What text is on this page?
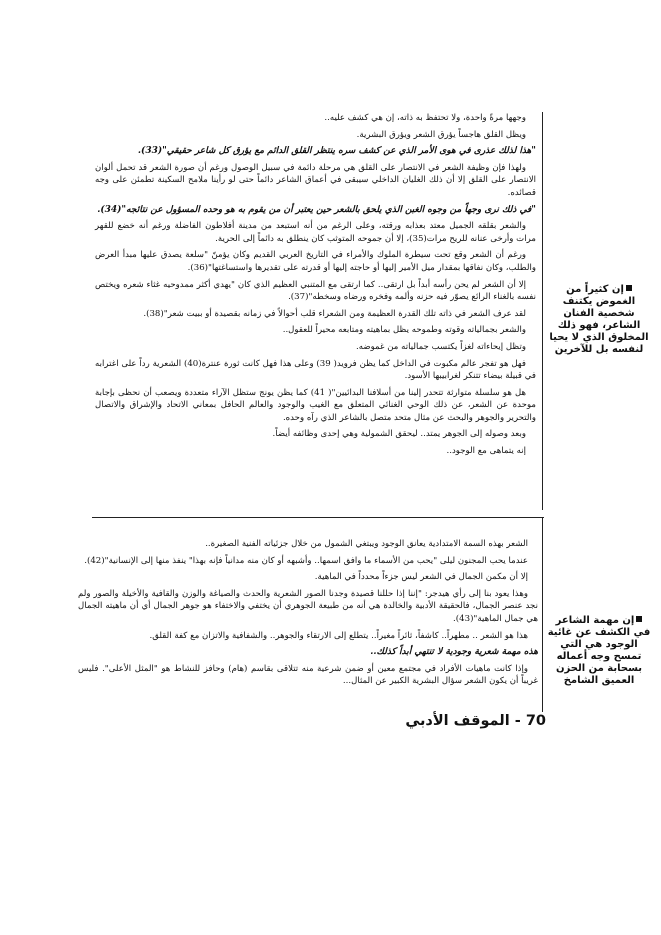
وجهها مرةً واحدة، ولا تحتفظ به ذاته، إن هي كشف عليه..

ويظل القلق هاجساً يؤرق الشعر ويؤرق البشرية.

"هذا لذلك عذرى في هوى الأمر الذي عن كشف سره ينتظر القلق الدائم مع يؤرق كل شاعر حقيقي"(33).

ولهذا فإن وظيفة الشعر في الانتصار على القلق هي مرحلة دائمة في سبيل الوصول ورغم أن صورة الشعر قد تحمل ألوان الانتصار على القلق إلا أن ذلك الغليان الداخلي سيبقى في أعماق الشاعر دائماً حتى لو رأينا ملامح السكينة تطمئن على وجه قصائده.

"في ذلك نرى وجهاً من وجوه الغبن الذي يلحق بالشعر حين يعتبر أن من يقوم به هو وحده المسؤول عن نتائجه"(34).

والشعر بقلقه الجميل معتد بعذابه ورقته، وعلى الرغم من أنه استبعد من مدينة أفلاطون الفاضلة ورغم أنه خضع للقهر مرات وأرخى عنانه للريح مرات(35)، إلا أن جموحه المتوثب كان ينطلق به دائماً إلى الحرية.

ورغم أن الشعر وقع تحت سيطرة الملوك والأمراء في التاريخ العربي القديم وكان يؤمنّ "سلعة يصدق عليها مبدأ العرض والطلب، وكان نفاقها بمقدار ميل الأمير إليها أو حاجته إليها أو قدرته على تقديرها واستساغتها"(36).

إلا أن الشعر لم يحن رأسه أبداً بل ارتقى.. كما ارتقى مع المتنبي العظيم الذي كان "يهدي أكثر ممدوحيه غثاء شعره ويختص نفسه بالغناء الرائع يصوّر فيه حزنه وألمه وفخره ورضاه وسخطه"(37).

لقد عرف الشعر في ذاته تلك القدرة العظيمة ومن الشعراء قلب أحوالاً في زمانه بقصيدة أو ببيت شعر"(38).

والشعر بجمالياته وقوته وطموحه يظل بماهيته ومتابعه محيراً للعقول..

وتظل إيحاءاته لغزاً يكتسب جمالياته من غموضه.

فهل هو تفجر عالم مكبوت في الداخل كما يظن فرويد( 39) وعلى هذا فهل كانت ثورة عنترة(40) الشعرية رداً على اغترابه في قبيلة بيضاء تتنكر لغرابيبها الأسود.

هل هو سلسلة متوارثة تتحدر إلينا من أسلافنا البدائيين"( 41) كما يظن يونج ستظل الآراء متعددة ويصعب أن نحظى بإجابة موحدة عن الشعر، عن ذلك الوحي الغنائي المتعلق مع الغيب والوجود والعالم الحافل بمعاني الاتحاد والإشراق والاتصال والتحرير والجوهر والبحث عن مثال متحد متصل بالشاعر الذي رآه وحده.

وبعد وصوله إلى الجوهر يمتد.. ليحقق الشمولية وهي إحدى وظائفه أيضاً.

إنه يتماهى مع الوجود..

إن كثيراً من الغموض يكتنف شخصية الفنان الشاعر، فهو ذلك المخلوق الذي لا يحيا لنفسه بل للآخرين

الشعر بهذه السمة الامتدادية يعانق الوجود ويبتغي الشمول من خلال جزئياته الفنية الصغيرة..

عندما يحب المجنون ليلى "يحب من الأسماء ما وافق اسمها.. وأشبهه أو كان منه مدانياً فإنه بهذا" ينفذ منها إلى الإنسانية"(42).

إلا أن مكمن الجمال في الشعر ليس جزءاً محدداً في الماهية.

وهذا يعود بنا إلى رأي هيدجر: "إننا إذا حللنا قصيدة وجدنا الصور الشعرية والحدث والصياغة والوزن والقافية والأخيلة والصور ولم نجد عنصر الجمال، فالحقيقة الأدبية والخالدة هي أنه من طبيعة الجوهري أن يختفي والاختفاء هو جوهر الجمال أي أن ماهيته الجمال هي جمال الماهية"(43).

هذا هو الشعر .. مطهراً.. كاشفاً، ثائراً مغيراً.. يتطلع إلى الارتقاء والجوهر.. والشفافية والاتزان مع كفة القلق.

هذه مهمة شعرية وجودية لا تنتهي أبداً كذلك..

وإذا كانت ماهيات الأفراد في مجتمع معين أو ضمن شرعية منه تتلاقى بقاسم (هام) وحافز للنشاط هو "المثل الأعلى". فليس غريباً أن يكون الشعر سؤال البشرية الكبير عن المثال...

إن مهمة الشاعر في الكشف عن غائية الوجود هي التي تمسح وجه أعماله بسحابة من الحزن العميق الشامخ
70 - الموقف الأدبي
